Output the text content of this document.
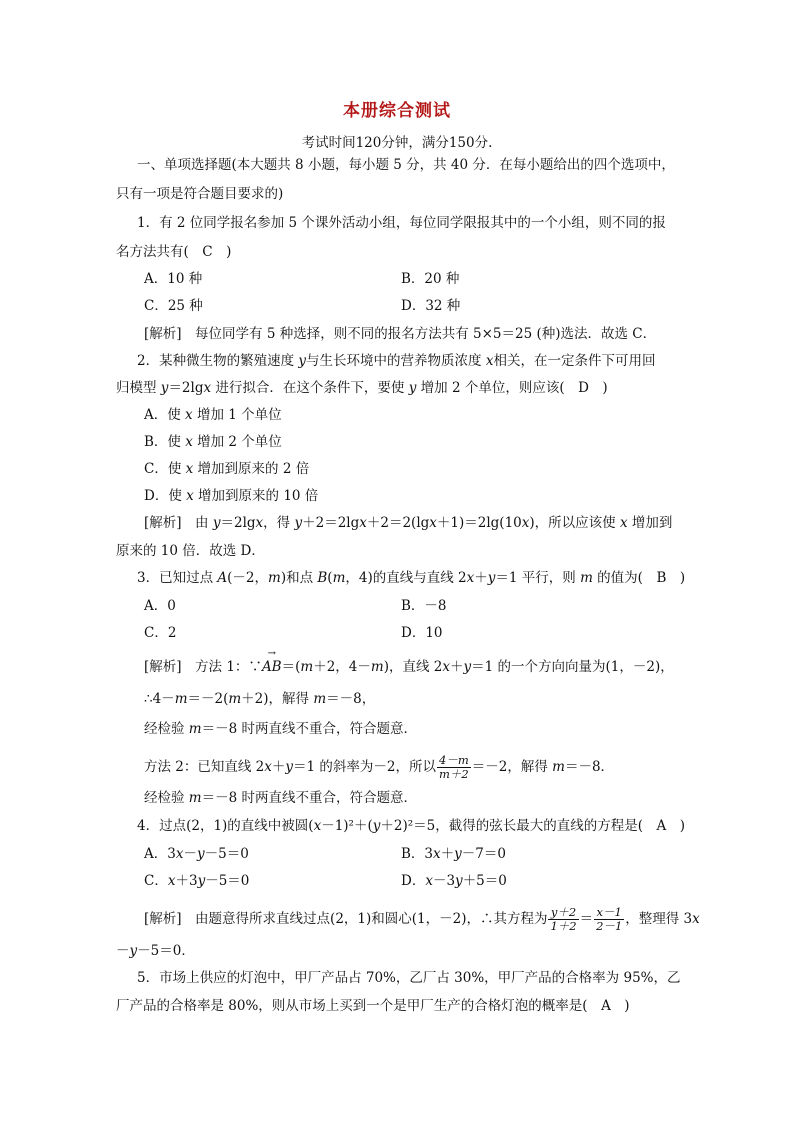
本册综合测试
考试时间120分钟，满分150分.
一、单项选择题(本大题共 8 小题，每小题 5 分，共 40 分．在每小题给出的四个选项中，
只有一项是符合题目要求的)
1．有 2 位同学报名参加 5 个课外活动小组，每位同学限报其中的一个小组，则不同的报
名方法共有(　C　)
A．10 种	B．20 种
C．25 种	D．32 种
[解析]　 每位同学有 5 种选择，则不同的报名方法共有 5×5＝25 (种)选法．故选 C．
2．某种微生物的繁殖速度 y与生长环境中的营养物质浓度 x相关，在一定条件下可用回
归模型 y＝2lgx 进行拟合．在这个条件下，要使 y 增加 2 个单位，则应该(　D　)
A．使 x 增加 1 个单位
B．使 x 增加 2 个单位
C．使 x 增加到原来的 2 倍
D．使 x 增加到原来的 10 倍
[解析]　 由 y＝2lgx，得 y＋2＝2lgx＋2＝2(lgx＋1)＝2lg(10x)，所以应该使 x 增加到
原来的 10 倍．故选 D．
3．已知过点 A(－2，m)和点 B(m，4)的直线与直线 2x＋y＝1 平行，则 m 的值为(　B　)
A．0	B．－8
C．2	D．10
[解析]　 方法 1：∵
→
AB＝(m＋2，4－m)，直线 2x＋y＝1 的一个方向向量为(1，－2)，
∴4－m＝－2(m＋2)，解得 m＝－8，
经检验 m＝－8 时两直线不重合，符合题意．
方法 2：已知直线 2x＋y＝1 的斜率为－2，所以 $\frac{4-m}{m+2} =-2$，解得 m＝－8．
经检验 m＝－8 时两直线不重合，符合题意．
4．过点(2，1)的直线中被圆(x－1)²＋(y＋2)²＝5，截得的弦长最大的直线的方程是(　A　)
A．3x－y－5＝0	B．3x＋y－7＝0
C．x＋3y－5＝0	D．x－3y＋5＝0
[解析]　 由题意得所求直线过点(2，1)和圆心(1，－2)，∴其方程为 $\frac{y+2}{1+2} = \frac{x-1}{2-1}$ ，整理得 3x
－y－5＝0．
5．市场上供应的灯泡中，甲厂产品占 70%，乙厂占 30%，甲厂产品的合格率为 95%，乙
厂产品的合格率是 80%，则从市场上买到一个是甲厂生产的合格灯泡的概率是(　A　)
